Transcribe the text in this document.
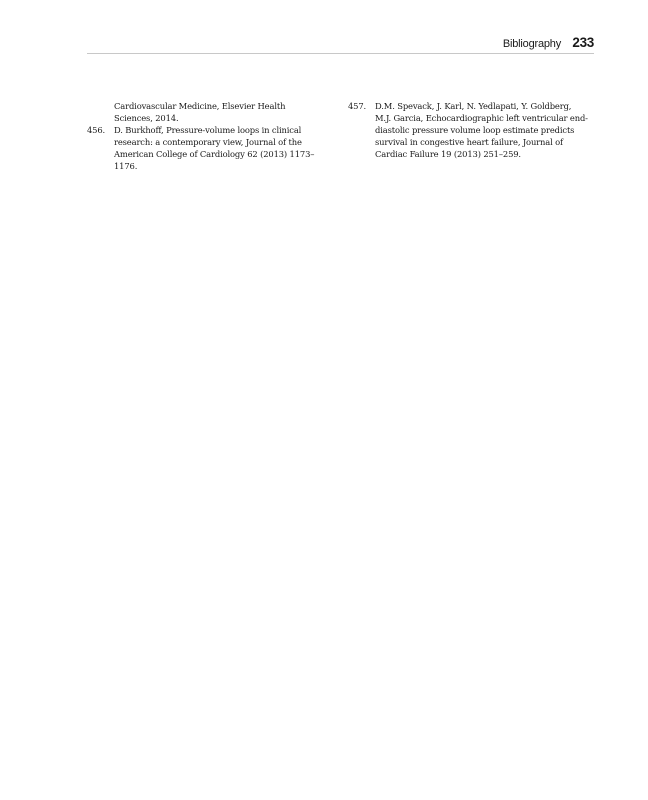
Bibliography 233
Cardiovascular Medicine, Elsevier Health Sciences, 2014.
456. D. Burkhoff, Pressure-volume loops in clinical research: a contemporary view, Journal of the American College of Cardiology 62 (2013) 1173–1176.
457. D.M. Spevack, J. Karl, N. Yedlapati, Y. Goldberg, M.J. Garcia, Echocardiographic left ventricular end-diastolic pressure volume loop estimate predicts survival in congestive heart failure, Journal of Cardiac Failure 19 (2013) 251–259.
